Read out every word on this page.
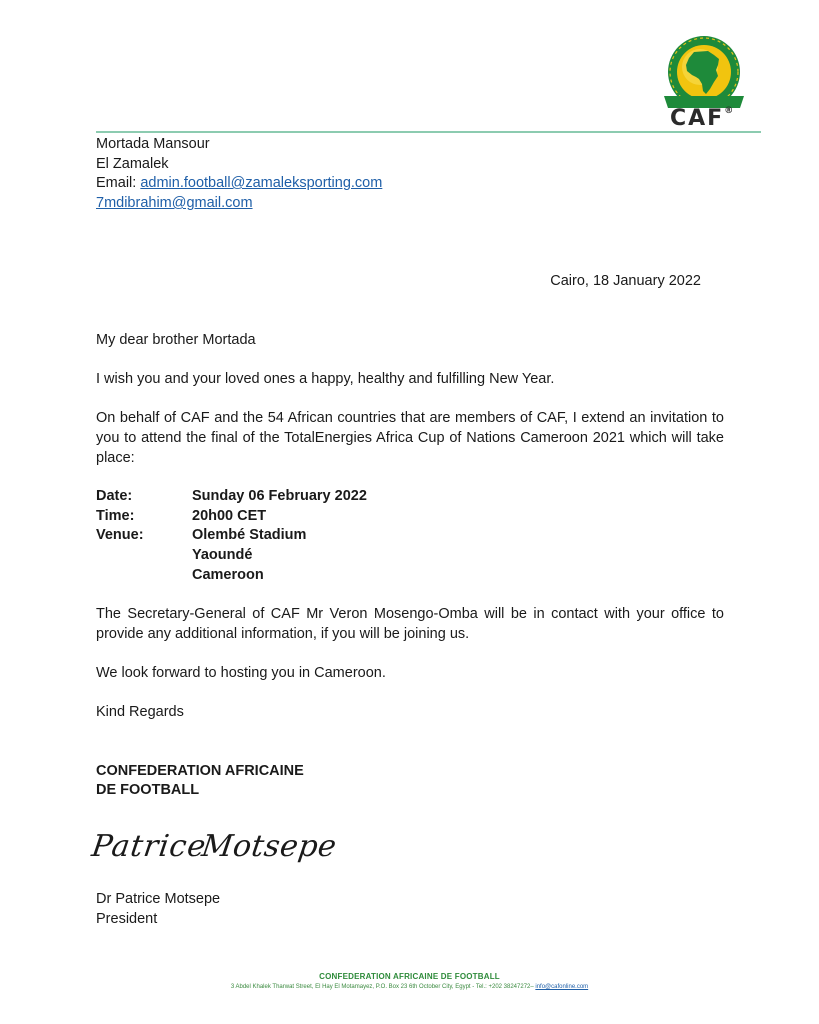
CAF®
Mortada Mansour
El Zamalek
Email: admin.football@zamaleksporting.com
7mdibrahim@gmail.com
Cairo, 18 January 2022
My dear brother Mortada
I wish you and your loved ones a happy, healthy and fulfilling New Year.
On behalf of CAF and the 54 African countries that are members of CAF, I extend an invitation to you to attend the final of the TotalEnergies Africa Cup of Nations Cameroon 2021 which will take place:
Date:	Sunday 06 February 2022
Time:	20h00 CET
Venue:	Olembé Stadium
Yaoundé
Cameroon
The Secretary-General of CAF Mr Veron Mosengo-Omba will be in contact with your office to provide any additional information, if you will be joining us.
We look forward to hosting you in Cameroon.
Kind Regards
CONFEDERATION AFRICAINE
DE FOOTBALL
Patrice
Motsepe
Dr Patrice Motsepe
President
CONFEDERATION AFRICAINE DE FOOTBALL
3 Abdel Khalek Tharwat Street, El Hay El Motamayez, P.O. Box 23 6th October City, Egypt - Tel.: +202 38247272– info@cafonline.com
